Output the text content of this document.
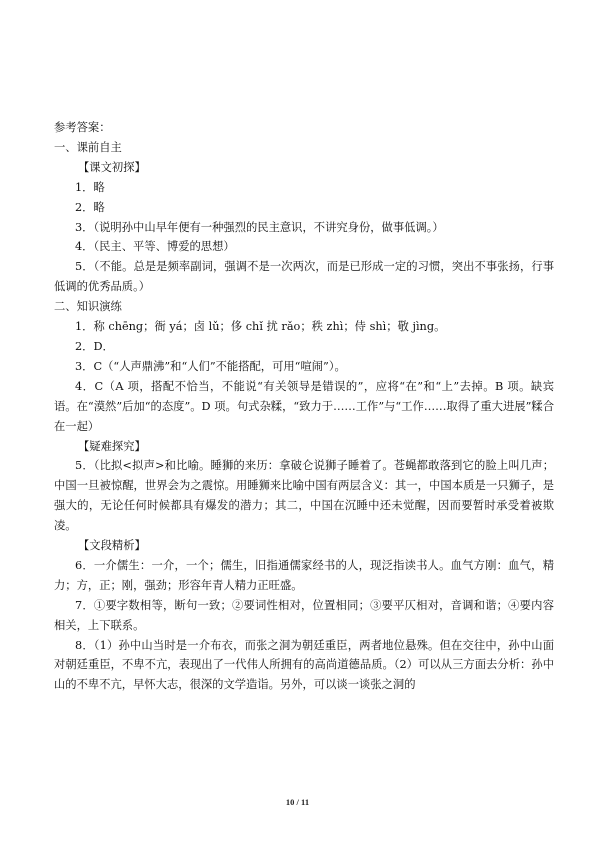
参考答案：

一、课前自主

【课文初探】

1．略

2．略

3．（说明孙中山早年便有一种强烈的民主意识，不讲究身份，做事低调。）

4．（民主、平等、博爱的思想）

5．（不能。总是是频率副词，强调不是一次两次，而是已形成一定的习惯，突出不事张扬，行事低调的优秀品质。）

二、知识演练

1．称 chēng；衙 yá；卤 lǔ；侈 chǐ 扰 rǎo；秩 zhì；侍 shì；敬 jìng。

2．D．

3．C（“人声鼎沸”和“人们”不能搭配，可用“喧闹”）。

4．C（A 项，搭配不恰当，不能说“有关领导是错误的”，应将“在”和“上”去掉。B 项。缺宾语。在“漠然”后加“的态度”。D 项。句式杂糅，“致力于……工作”与“工作……取得了重大进展”糅合在一起）

【疑难探究】

5．（比拟<拟声>和比喻。睡狮的来历：拿破仑说狮子睡着了。苍蝇都敢落到它的脸上叫几声；中国一旦被惊醒，世界会为之震惊。用睡狮来比喻中国有两层含义：其一，中国本质是一只狮子，是强大的，无论任何时候都具有爆发的潜力；其二，中国在沉睡中还未觉醒，因而要暂时承受着被欺凌。

【文段精析】

6．一介儒生：一介，一个；儒生，旧指通儒家经书的人，现泛指读书人。血气方刚：血气，精力；方，正；刚，强劲；形容年青人精力正旺盛。

7．①要字数相等，断句一致；②要词性相对，位置相同；③要平仄相对，音调和谐；④要内容相关，上下联系。

8．（1）孙中山当时是一介布衣，而张之洞为朝廷重臣，两者地位悬殊。但在交往中，孙中山面对朝廷重臣，不卑不亢，表现出了一代伟人所拥有的高尚道德品质。（2）可以从三方面去分析：孙中山的不卑不亢，早怀大志，很深的文学造诣。另外，可以谈一谈张之洞的

10 / 11
